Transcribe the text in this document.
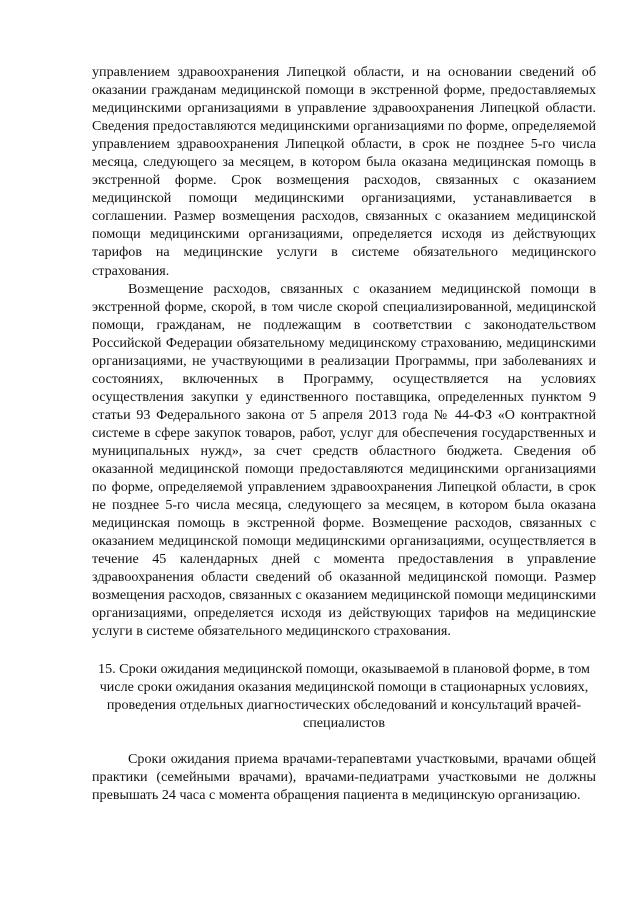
управлением здравоохранения Липецкой области, и на основании сведений об оказании гражданам медицинской помощи в экстренной форме, предоставляемых медицинскими организациями в управление здравоохранения Липецкой области. Сведения предоставляются медицинскими организациями по форме, определяемой управлением здравоохранения Липецкой области, в срок не позднее 5-го числа месяца, следующего за месяцем, в котором была оказана медицинская помощь в экстренной форме. Срок возмещения расходов, связанных с оказанием медицинской помощи медицинскими организациями, устанавливается в соглашении. Размер возмещения расходов, связанных с оказанием медицинской помощи медицинскими организациями, определяется исходя из действующих тарифов на медицинские услуги в системе обязательного медицинского страхования.

Возмещение расходов, связанных с оказанием медицинской помощи в экстренной форме, скорой, в том числе скорой специализированной, медицинской помощи, гражданам, не подлежащим в соответствии с законодательством Российской Федерации обязательному медицинскому страхованию, медицинскими организациями, не участвующими в реализации Программы, при заболеваниях и состояниях, включенных в Программу, осуществляется на условиях осуществления закупки у единственного поставщика, определенных пунктом 9 статьи 93 Федерального закона от 5 апреля 2013 года № 44-ФЗ «О контрактной системе в сфере закупок товаров, работ, услуг для обеспечения государственных и муниципальных нужд», за счет средств областного бюджета. Сведения об оказанной медицинской помощи предоставляются медицинскими организациями по форме, определяемой управлением здравоохранения Липецкой области, в срок не позднее 5-го числа месяца, следующего за месяцем, в котором была оказана медицинская помощь в экстренной форме. Возмещение расходов, связанных с оказанием медицинской помощи медицинскими организациями, осуществляется в течение 45 календарных дней с момента предоставления в управление здравоохранения области сведений об оказанной медицинской помощи. Размер возмещения расходов, связанных с оказанием медицинской помощи медицинскими организациями, определяется исходя из действующих тарифов на медицинские услуги в системе обязательного медицинского страхования.

15. Сроки ожидания медицинской помощи, оказываемой в плановой форме, в том числе сроки ожидания оказания медицинской помощи в стационарных условиях, проведения отдельных диагностических обследований и консультаций врачей-специалистов

Сроки ожидания приема врачами-терапевтами участковыми, врачами общей практики (семейными врачами), врачами-педиатрами участковыми не должны превышать 24 часа с момента обращения пациента в медицинскую организацию.
